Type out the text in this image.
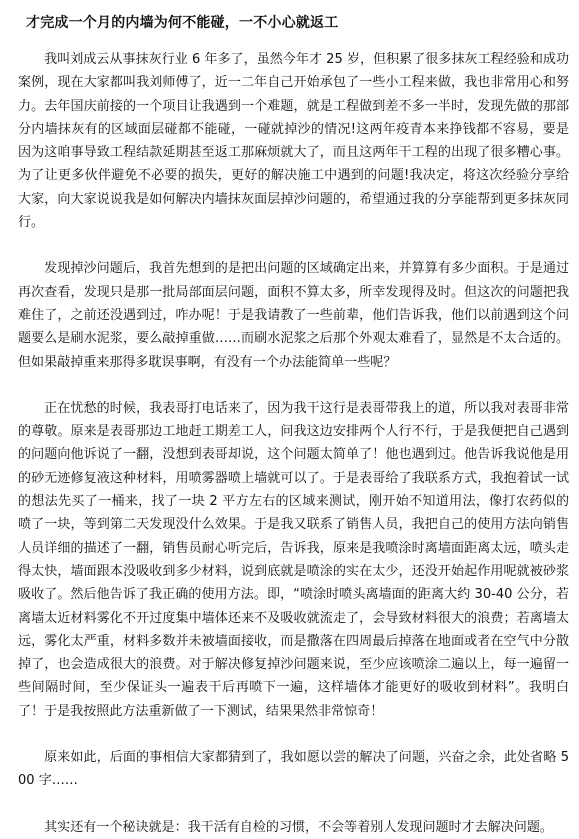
才完成一个月的内墙为何不能碰，一不小心就返工

我叫刘成云从事抹灰行业 6 年多了，虽然今年才 25 岁，但积累了很多抹灰工程经验和成功案例，现在大家都叫我刘师傅了，近一二年自己开始承包了一些小工程来做，我也非常用心和努力。去年国庆前接的一个项目让我遇到一个难题，就是工程做到差不多一半时，发现先做的那部分内墙抹灰有的区域面层碰都不能碰，一碰就掉沙的情况!这两年疫青本来挣钱都不容易，要是因为这咱事导致工程结款延期甚至返工那麻烦就大了，而且这两年干工程的出现了很多糟心事。为了让更多伙伴避免不必要的损失，更好的解决施工中遇到的问题!我决定，将这次经验分享给大家，向大家说说我是如何解决内墙抹灰面层掉沙问题的，希望通过我的分享能帮到更多抹灰同行。

发现掉沙问题后，我首先想到的是把出问题的区域确定出来，并算算有多少面积。于是通过再次查看，发现只是那一批局部面层问题，面积不算太多，所幸发现得及时。但这次的问题把我难住了，之前还没遇到过，咋办呢！于是我请教了一些前辈，他们告诉我，他们以前遇到这个问题要么是刷水泥浆，要么敲掉重做……而刷水泥浆之后那个外观太难看了，显然是不太合适的。但如果敲掉重来那得多耽误事啊，有没有一个办法能简单一些呢？

正在忧愁的时候，我表哥打电话来了，因为我干这行是表哥带我上的道，所以我对表哥非常的尊敬。原来是表哥那边工地赶工期差工人，问我这边安排两个人行不行，于是我便把自己遇到的问题向他诉说了一翻，没想到表哥却说，这个问题太简单了！他也遇到过。他告诉我说他是用的砂无迹修复液这种材料，用喷雾器喷上墙就可以了。于是表哥给了我联系方式，我抱着试一试的想法先买了一桶来，找了一块 2 平方左右的区域来测试，刚开始不知道用法，像打农药似的喷了一块，等到第二天发现没什么效果。于是我又联系了销售人员，我把自己的使用方法向销售人员详细的描述了一翻，销售员耐心听完后，告诉我，原来是我喷涂时离墙面距离太远，喷头走得太快，墙面跟本没吸收到多少材料，说到底就是喷涂的实在太少，还没开始起作用呢就被砂浆吸收了。然后他告诉了我正确的使用方法。即，“喷涂时喷头离墙面的距离大约 30-40 公分，若离墙太近材料雾化不开过度集中墙体还来不及吸收就流走了，会导致材料很大的浪费；若离墙太远，雾化太严重，材料多数并未被墙面接收，而是撒落在四周最后掉落在地面或者在空气中分散掉了，也会造成很大的浪费。对于解决修复掉沙问题来说，至少应该喷涂二遍以上，每一遍留一些间隔时间，至少保证头一遍表干后再喷下一遍，这样墙体才能更好的吸收到材料”。我明白了！于是我按照此方法重新做了一下测试，结果果然非常惊奇！

原来如此，后面的事相信大家都猜到了，我如愿以尝的解决了问题，兴奋之余，此处省略 500 字……

其实还有一个秘诀就是：我干活有自检的习惯，不会等着别人发现问题时才去解决问题。
